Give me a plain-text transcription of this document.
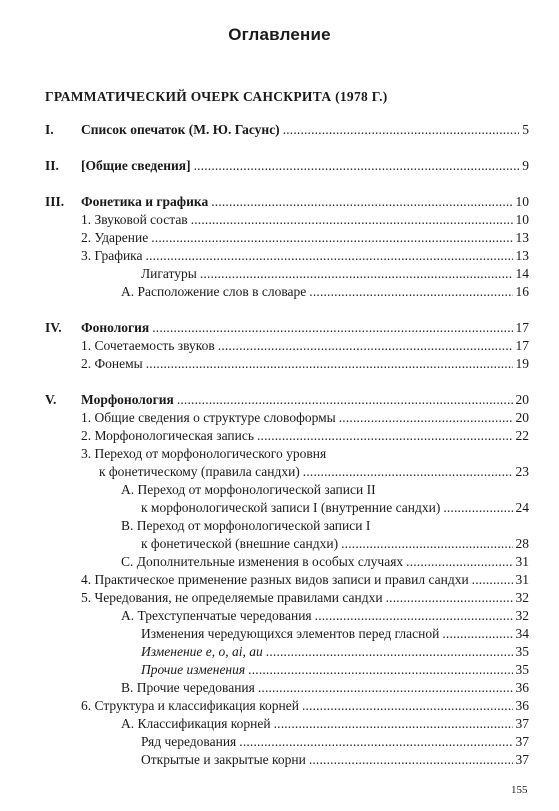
Оглавление
ГРАММАТИЧЕСКИЙ ОЧЕРК САНСКРИТА (1978 Г.)
I. Список опечаток (М. Ю. Гасунс) . . .	5
II. [Общие сведения] . . .	9
III. Фонетика и графика . . .	10
1. Звуковой состав . . .	10
2. Ударение . . .	13
3. Графика . . .	13
Лигатуры . . .	14
А. Расположение слов в словаре . . .	16
IV. Фонология . . .	17
1. Сочетаемость звуков . . .	17
2. Фонемы . . .	19
V. Морфонология . . .	20
1. Общие сведения о структуре словоформы . . .	20
2. Морфонологическая запись . . .	22
3. Переход от морфонологического уровня
к фонетическому (правила сандхи) . . .	23
А. Переход от морфонологической записи II
к морфонологической записи I (внутренние сандхи) . . .	24
В. Переход от морфонологической записи I
к фонетической (внешние сандхи) . . .	28
С. Дополнительные изменения в особых случаях . . .	31
4. Практическое применение разных видов записи и правил сандхи . . .	31
5. Чередования, не определяемые правилами сандхи . . .	32
А. Трехступенчатые чередования . . .	32
Изменения чередующихся элементов перед гласной . . .	34
Изменение e, o, ai, au . . .	35
Прочие изменения . . .	35
В. Прочие чередования . . .	36
6. Структура и классификация корней . . .	36
А. Классификация корней . . .	37
Ряд чередования . . .	37
Открытые и закрытые корни . . .	37
155
